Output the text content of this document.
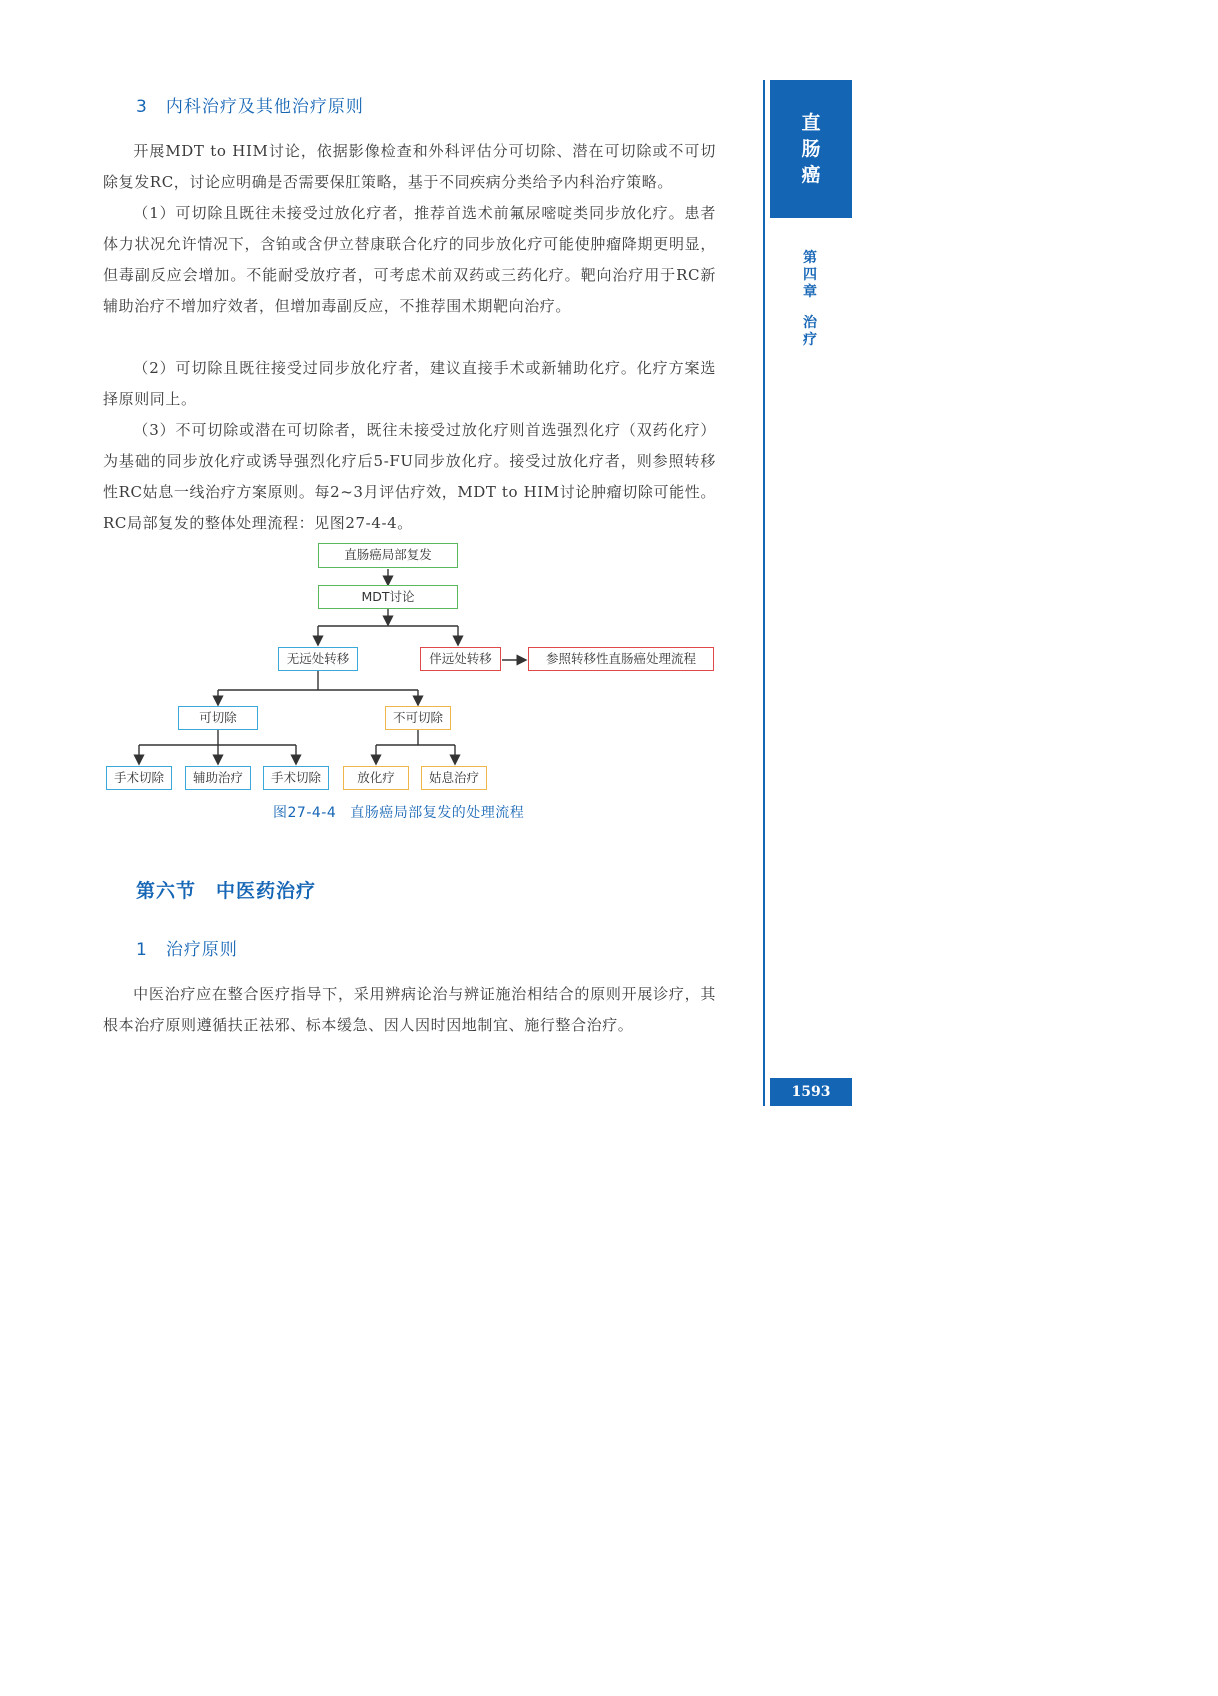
3 内科治疗及其他治疗原则
开展MDT to HIM讨论，依据影像检查和外科评估分可切除、潜在可切除或不可切除复发RC，讨论应明确是否需要保肛策略，基于不同疾病分类给予内科治疗策略。
（1）可切除且既往未接受过放化疗者，推荐首选术前氟尿嘧啶类同步放化疗。患者体力状况允许情况下，含铂或含伊立替康联合化疗的同步放化疗可能使肿瘤降期更明显，但毒副反应会增加。不能耐受放疗者，可考虑术前双药或三药化疗。靶向治疗用于RC新辅助治疗不增加疗效者，但增加毒副反应，不推荐围术期靶向治疗。
（2）可切除且既往接受过同步放化疗者，建议直接手术或新辅助化疗。化疗方案选择原则同上。
（3）不可切除或潜在可切除者，既往未接受过放化疗则首选强烈化疗（双药化疗）为基础的同步放化疗或诱导强烈化疗后5-FU同步放化疗。接受过放化疗者，则参照转移性RC姑息一线治疗方案原则。每2~3月评估疗效，MDT to HIM讨论肿瘤切除可能性。RC局部复发的整体处理流程：见图27-4-4。
直肠癌局部复发
MDT讨论
无远处转移	伴远处转移	参照转移性直肠癌处理流程
可切除	不可切除
手术切除	辅助治疗	手术切除	放化疗	姑息治疗
图27-4-4 直肠癌局部复发的处理流程
第六节 中医药治疗
1 治疗原则
中医治疗应在整合医疗指导下，采用辨病论治与辨证施治相结合的原则开展诊疗，其根本治疗原则遵循扶正祛邪、标本缓急、因人因时因地制宜、施行整合治疗。
直
肠
癌
第
四
章
治
疗
1593
